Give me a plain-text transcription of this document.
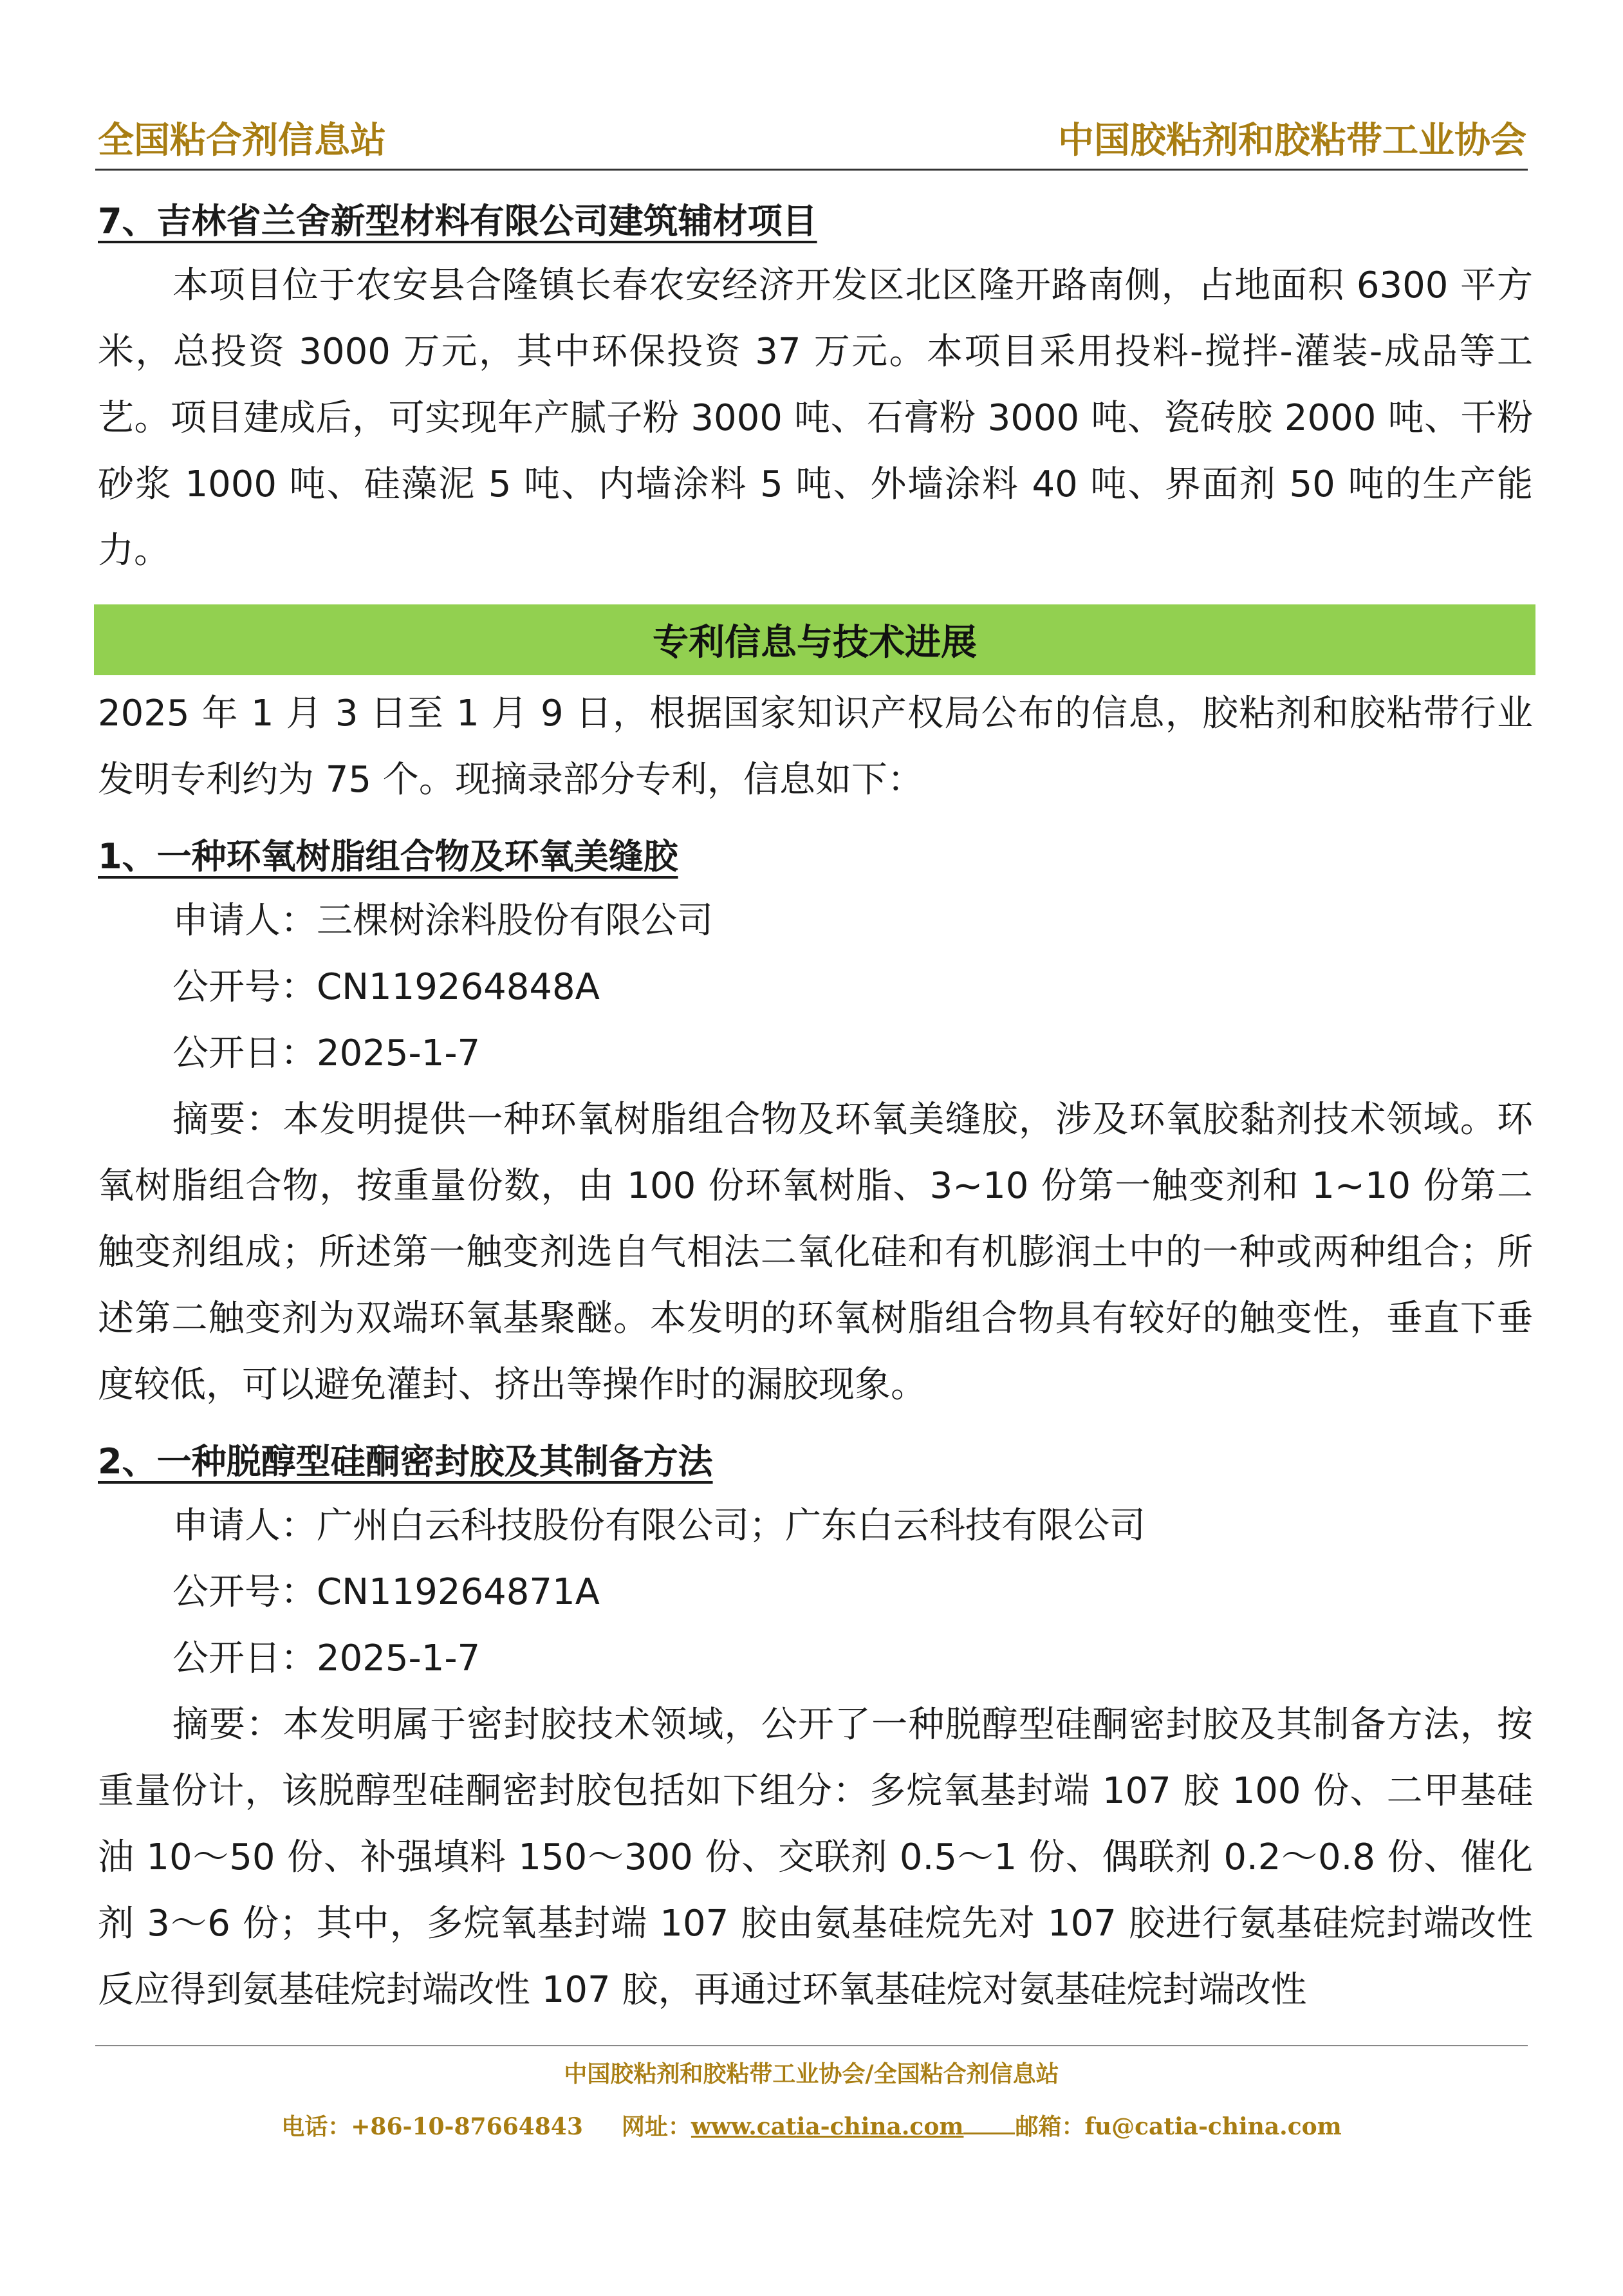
全国粘合剂信息站	中国胶粘剂和胶粘带工业协会

7、吉林省兰舍新型材料有限公司建筑辅材项目

本项目位于农安县合隆镇长春农安经济开发区北区隆开路南侧，占地面积 6300 平方米，总投资 3000 万元，其中环保投资 37 万元。本项目采用投料-搅拌-灌装-成品等工艺。项目建成后，可实现年产腻子粉 3000 吨、石膏粉 3000 吨、瓷砖胶 2000 吨、干粉砂浆 1000 吨、硅藻泥 5 吨、内墙涂料 5 吨、外墙涂料 40 吨、界面剂 50 吨的生产能力。

专利信息与技术进展

2025 年 1 月 3 日至 1 月 9 日，根据国家知识产权局公布的信息，胶粘剂和胶粘带行业发明专利约为 75 个。现摘录部分专利，信息如下：

1、一种环氧树脂组合物及环氧美缝胶

申请人：三棵树涂料股份有限公司

公开号：CN119264848A

公开日：2025-1-7

摘要：本发明提供一种环氧树脂组合物及环氧美缝胶，涉及环氧胶黏剂技术领域。环氧树脂组合物，按重量份数，由 100 份环氧树脂、3~10 份第一触变剂和 1~10 份第二触变剂组成；所述第一触变剂选自气相法二氧化硅和有机膨润土中的一种或两种组合；所述第二触变剂为双端环氧基聚醚。本发明的环氧树脂组合物具有较好的触变性，垂直下垂度较低，可以避免灌封、挤出等操作时的漏胶现象。

2、一种脱醇型硅酮密封胶及其制备方法

申请人：广州白云科技股份有限公司；广东白云科技有限公司

公开号：CN119264871A

公开日：2025-1-7

摘要：本发明属于密封胶技术领域，公开了一种脱醇型硅酮密封胶及其制备方法，按重量份计，该脱醇型硅酮密封胶包括如下组分：多烷氧基封端 107 胶 100 份、二甲基硅油 10～50 份、补强填料 150～300 份、交联剂 0.5～1 份、偶联剂 0.2～0.8 份、催化剂 3～6 份；其中，多烷氧基封端 107 胶由氨基硅烷先对 107 胶进行氨基硅烷封端改性反应得到氨基硅烷封端改性 107 胶，再通过环氧基硅烷对氨基硅烷封端改性

中国胶粘剂和胶粘带工业协会/全国粘合剂信息站
电话：+86-10-87664843 网址：www.catia-china.com 邮箱：fu@catia-china.com
